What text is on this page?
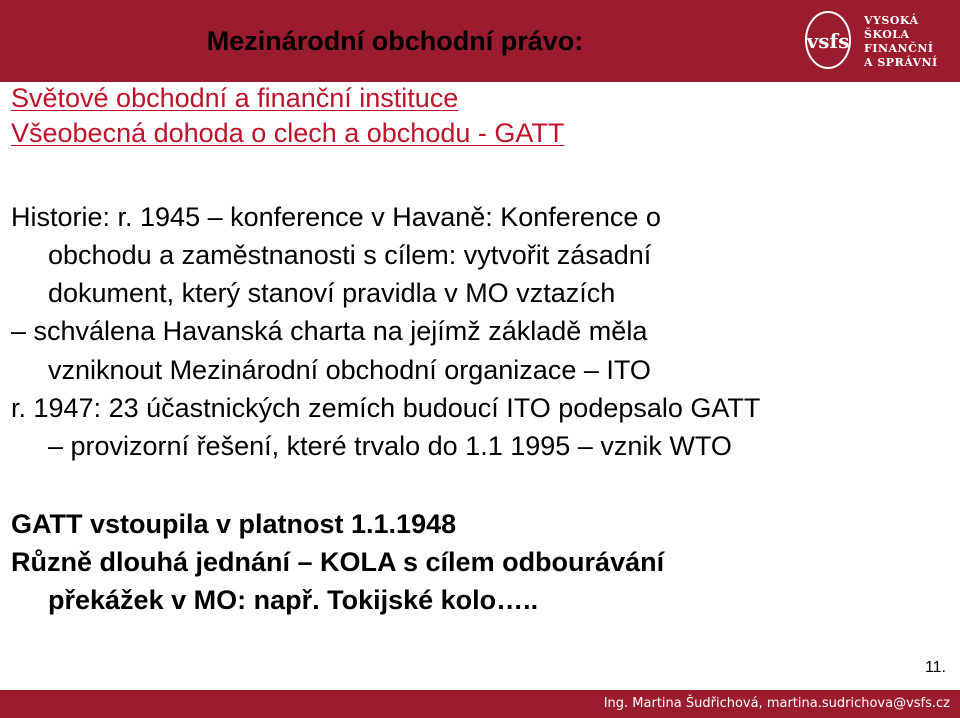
Mezinárodní obchodní právo:	vsfs
VYSOKÁ ŠKOLA
FINANČNÍ
A SPRÁVNÍ
Světové obchodní a finanční instituce
Všeobecná dohoda o clech a obchodu - GATT
Historie: r. 1945 – konference v Havaně: Konference o
obchodu a zaměstnanosti s cílem: vytvořit zásadní
dokument, který stanoví pravidla v MO vztazích
– schválena Havanská charta na jejímž základě měla
vzniknout Mezinárodní obchodní organizace – ITO
r. 1947: 23 účastnických zemích budoucí ITO podepsalo GATT
– provizorní řešení, které trvalo do 1.1 1995 – vznik WTO
GATT vstoupila v platnost 1.1.1948
Různě dlouhá jednání – KOLA s cílem odbourávání
překážek v MO: např. Tokijské kolo…..
11.
Ing. Martina Šudřichová, martina.sudrichova@vsfs.cz
